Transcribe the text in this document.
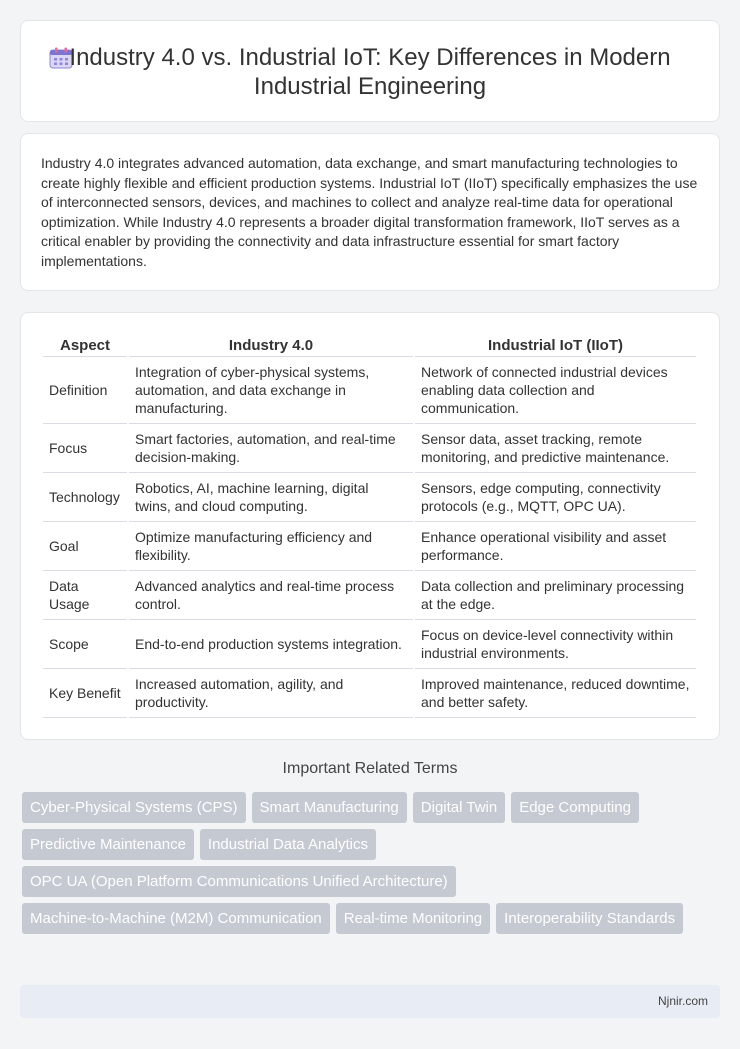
Industry 4.0 vs. Industrial IoT: Key Differences in Modern Industrial Engineering

Industry 4.0 integrates advanced automation, data exchange, and smart manufacturing technologies to create highly flexible and efficient production systems. Industrial IoT (IIoT) specifically emphasizes the use of interconnected sensors, devices, and machines to collect and analyze real-time data for operational optimization. While Industry 4.0 represents a broader digital transformation framework, IIoT serves as a critical enabler by providing the connectivity and data infrastructure essential for smart factory implementations.

Aspect	Industry 4.0	Industrial IoT (IIoT)
Definition	Integration of cyber-physical systems, automation, and data exchange in manufacturing.	Network of connected industrial devices enabling data collection and communication.
Focus	Smart factories, automation, and real-time decision-making.	Sensor data, asset tracking, remote monitoring, and predictive maintenance.
Technology	Robotics, AI, machine learning, digital twins, and cloud computing.	Sensors, edge computing, connectivity protocols (e.g., MQTT, OPC UA).
Goal	Optimize manufacturing efficiency and flexibility.	Enhance operational visibility and asset performance.
Data Usage	Advanced analytics and real-time process control.	Data collection and preliminary processing at the edge.
Scope	End-to-end production systems integration.	Focus on device-level connectivity within industrial environments.
Key Benefit	Increased automation, agility, and productivity.	Improved maintenance, reduced downtime, and better safety.
Important Related Terms
Cyber-Physical Systems (CPS)	Smart Manufacturing	Digital Twin	Edge Computing
Predictive Maintenance	Industrial Data Analytics
OPC UA (Open Platform Communications Unified Architecture)
Machine-to-Machine (M2M) Communication	Real-time Monitoring	Interoperability Standards
Njnir.com
